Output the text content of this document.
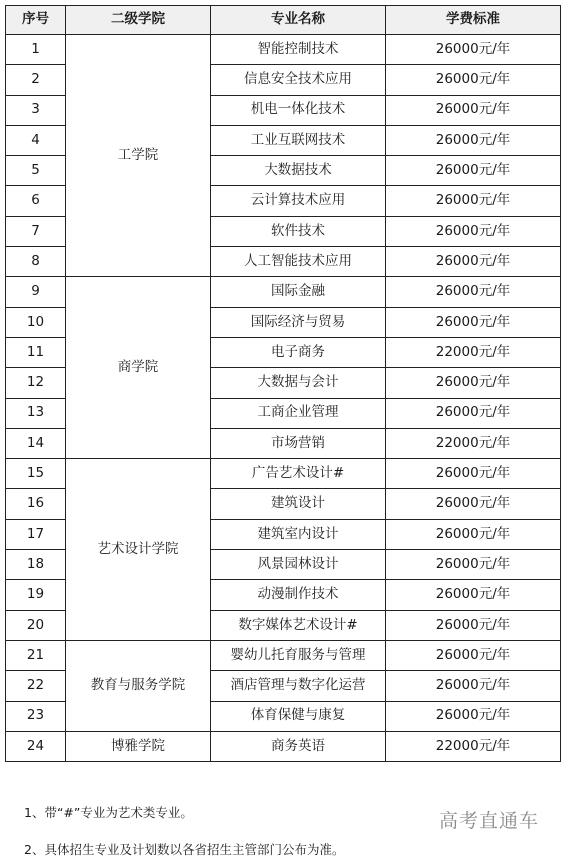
序号	二级学院	专业名称	学费标准
1	工学院	智能控制技术	26000元/年
2		信息安全技术应用	26000元/年
3		机电一体化技术	26000元/年
4		工业互联网技术	26000元/年
5		大数据技术	26000元/年
6		云计算技术应用	26000元/年
7		软件技术	26000元/年
8		人工智能技术应用	26000元/年
9	商学院	国际金融	26000元/年
10		国际经济与贸易	26000元/年
11		电子商务	22000元/年
12		大数据与会计	26000元/年
13		工商企业管理	26000元/年
14		市场营销	22000元/年
15	艺术设计学院	广告艺术设计#	26000元/年
16		建筑设计	26000元/年
17		建筑室内设计	26000元/年
18		风景园林设计	26000元/年
19		动漫制作技术	26000元/年
20		数字媒体艺术设计#	26000元/年
21	教育与服务学院	婴幼儿托育服务与管理	26000元/年
22		酒店管理与数字化运营	26000元/年
23		体育保健与康复	26000元/年
24	博雅学院	商务英语	22000元/年
1、带“#”专业为艺术类专业。
2、具体招生专业及计划数以各省招生主管部门公布为准。
高考直通车
